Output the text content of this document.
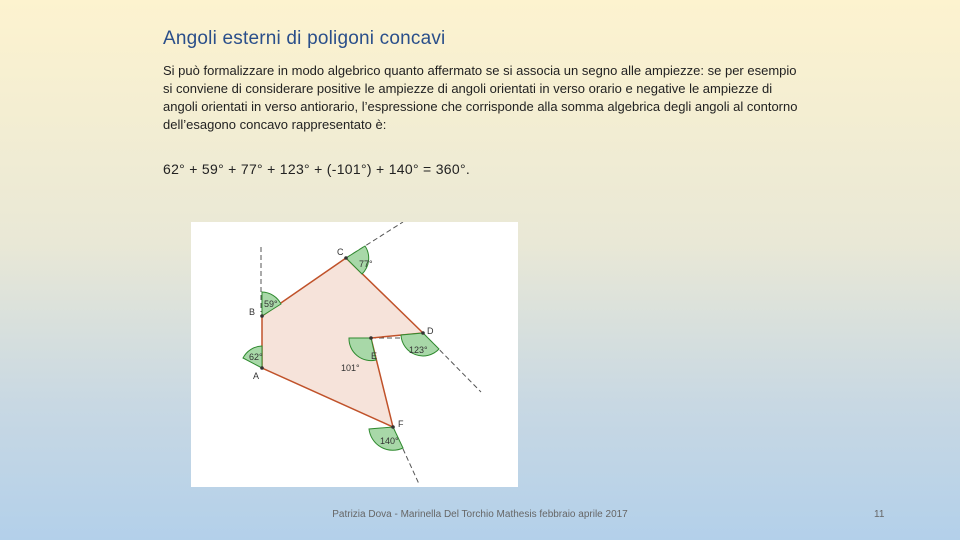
Angoli esterni di poligoni concavi
Si può formalizzare in modo algebrico quanto affermato se si associa un segno alle ampiezze: se per esempio si conviene di considerare positive le ampiezze di angoli orientati in verso orario e negative le ampiezze di angoli orientati in verso antiorario, l’espressione che corrisponde alla somma algebrica degli angoli al contorno dell’esagono concavo rappresentato è:
62° + 59° + 77° + 123° + (-101°) + 140° = 360°.
A
B
C
D
E
F
62°
59°
77°
123°
101°
140°
Patrizia Dova - Marinella Del Torchio Mathesis febbraio aprile 2017	11
